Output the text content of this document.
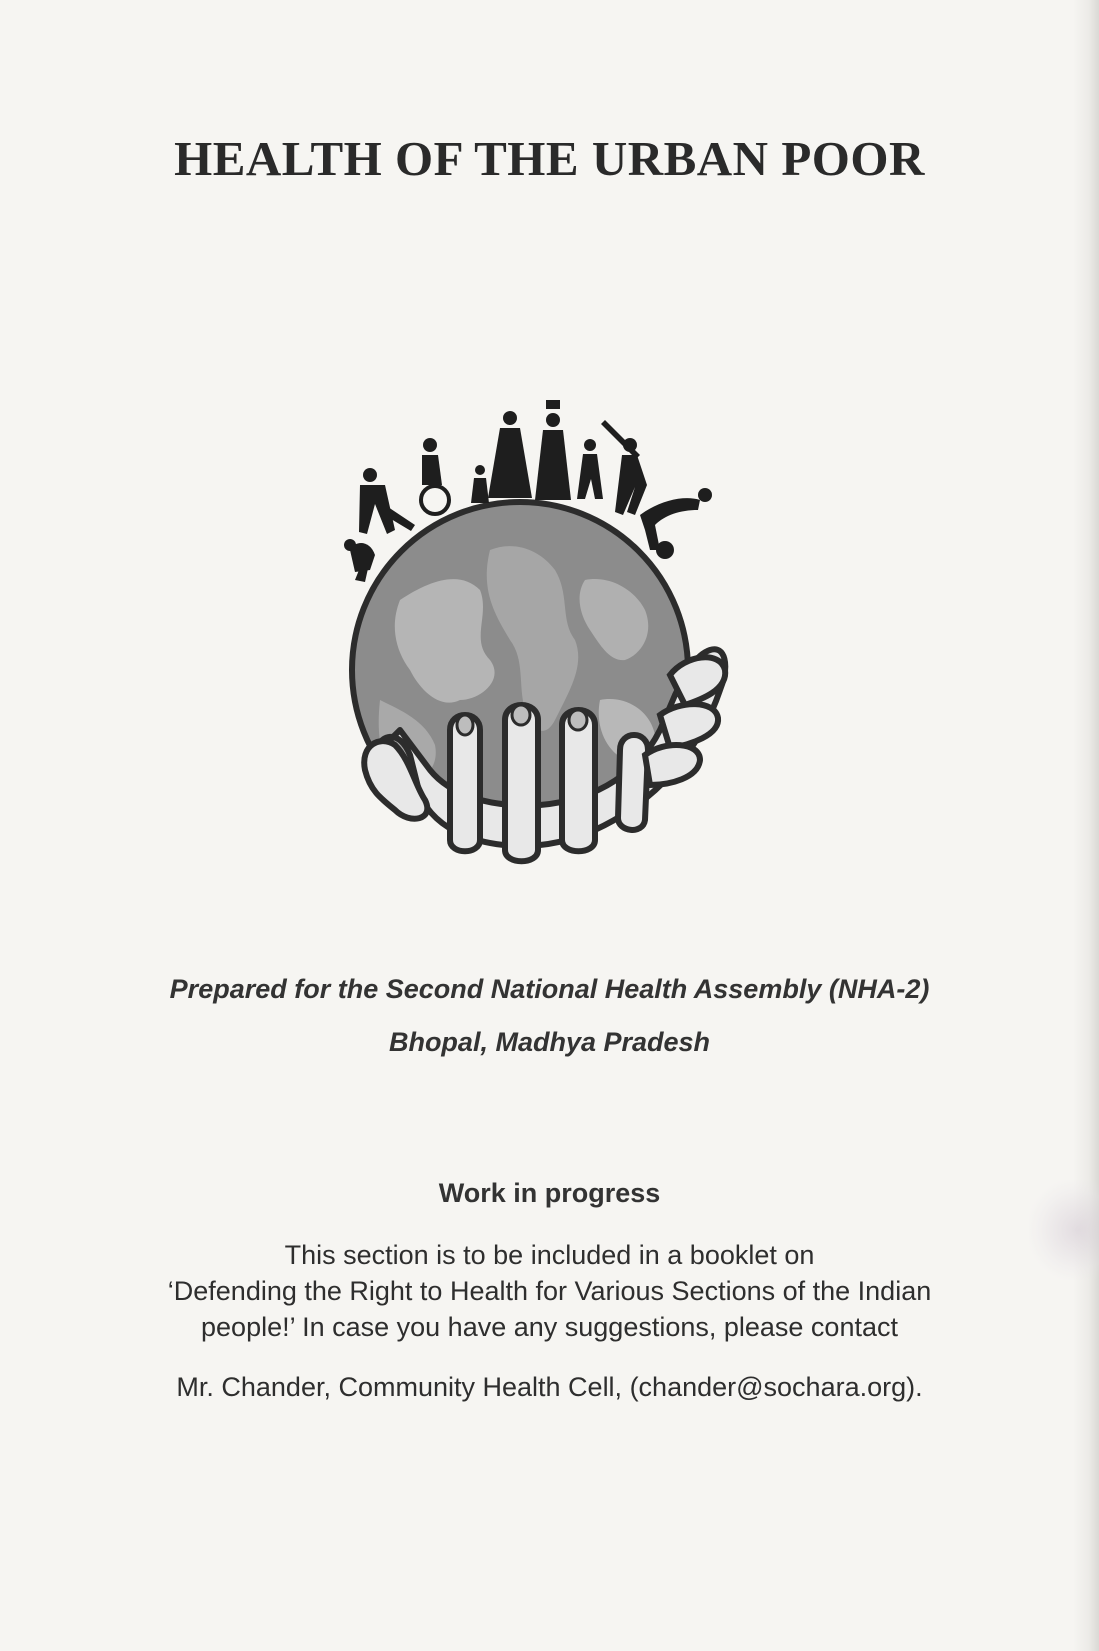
HEALTH OF THE URBAN POOR
Prepared for the Second National Health Assembly (NHA-2)
Bhopal, Madhya Pradesh
Work in progress
This section is to be included in a booklet on
‘Defending the Right to Health for Various Sections of the Indian
people!’ In case you have any suggestions, please contact
Mr. Chander, Community Health Cell, (chander@sochara.org).
